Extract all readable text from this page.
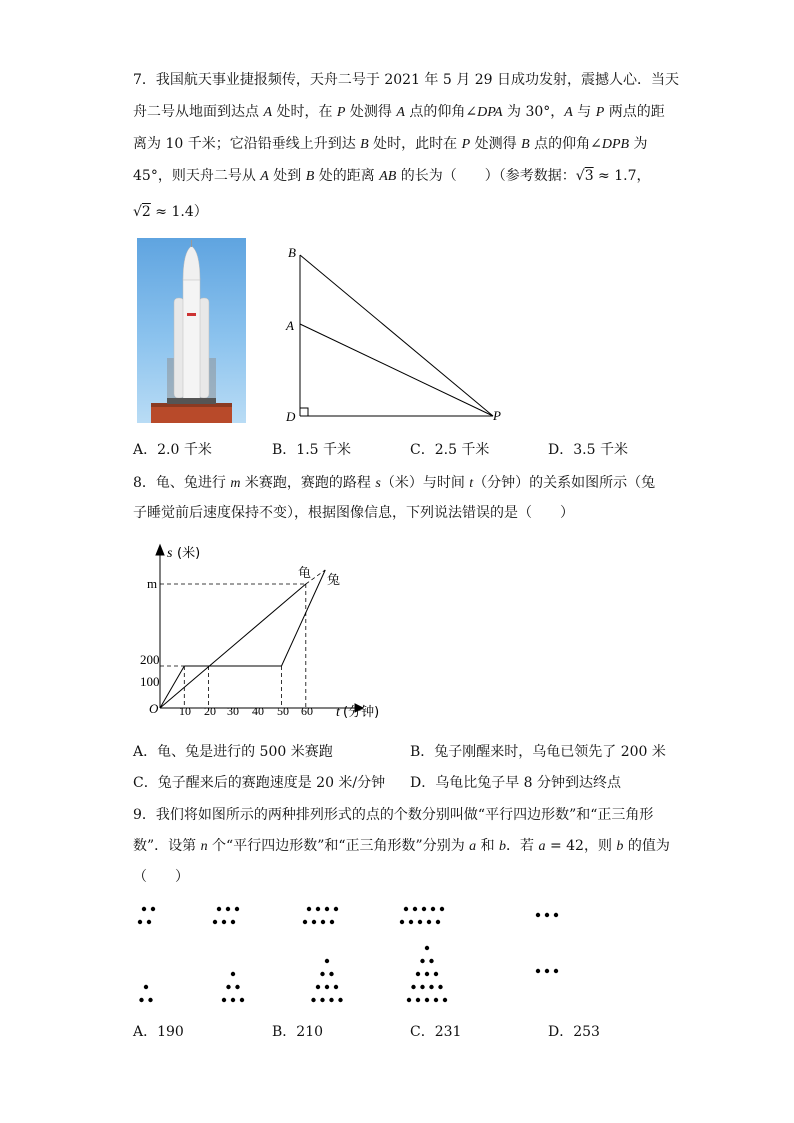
7．我国航天事业捷报频传，天舟二号于 2021 年 5 月 29 日成功发射，震撼人心．当天
舟二号从地面到达点 A 处时，在 P 处测得 A 点的仰角∠DPA 为 30°，A 与 P 两点的距
离为 10 千米；它沿铅垂线上升到达 B 处时，此时在 P 处测得 B 点的仰角∠DPB 为
45°，则天舟二号从 A 处到 B 处的距离 AB 的长为（　　）（参考数据：√3 ≈ 1.7，
√2 ≈ 1.4）
B
A
D	P
A．2.0 千米	B．1.5 千米	C．2.5 千米	D．3.5 千米
8．龟、兔进行 m 米赛跑，赛跑的路程 s（米）与时间 t（分钟）的关系如图所示（兔
子睡觉前后速度保持不变），根据图像信息，下列说法错误的是（　　）
s (米)
t (分钟)
O
m
200
100
10 20 30 40 50 60
龟 兔
A．龟、兔是进行的 500 米赛跑	B．兔子刚醒来时，乌龟已领先了 200 米
C．兔子醒来后的赛跑速度是 20 米/分钟 D．乌龟比兔子早 8 分钟到达终点
9．我们将如图所示的两种排列形式的点的个数分别叫做“平行四边形数”和“正三角形
数”．设第 n 个“平行四边形数”和“正三角形数”分别为 a 和 b．若 a = 42，则 b 的值为
（　　）
A．190	B．210	C．231	D．253
